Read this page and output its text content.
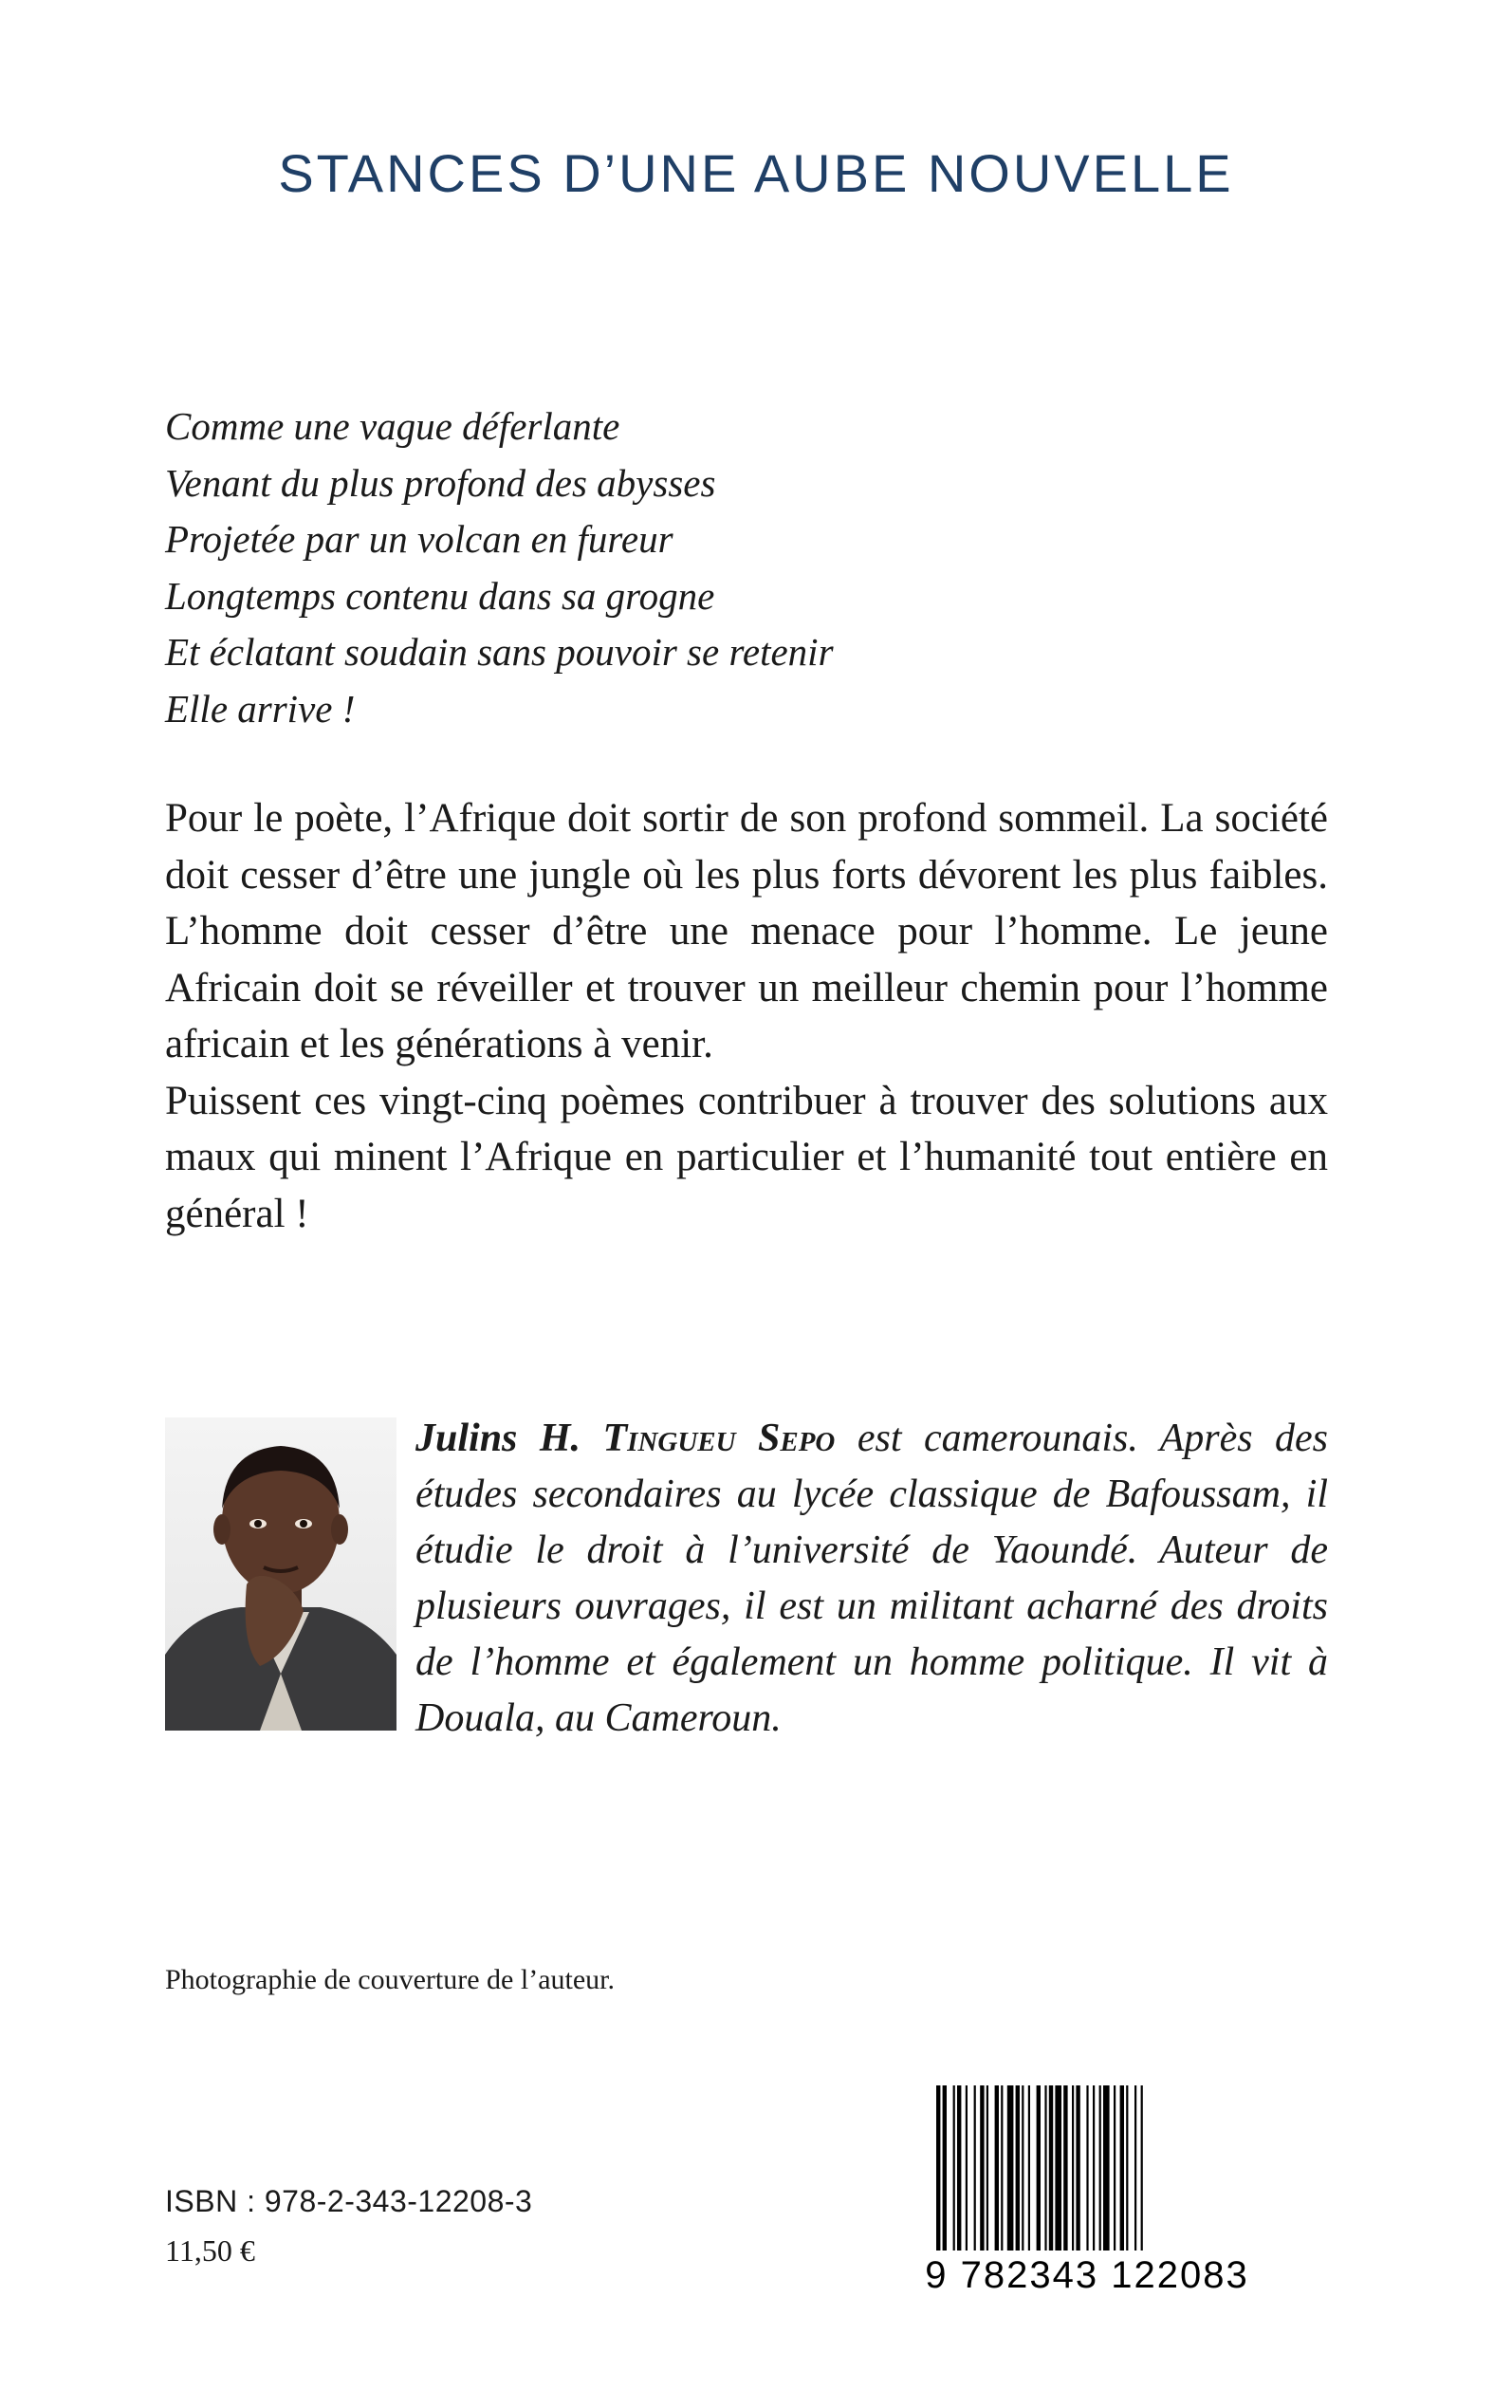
STANCES D’UNE AUBE NOUVELLE
Comme une vague déferlante
Venant du plus profond des abysses
Projetée par un volcan en fureur
Longtemps contenu dans sa grogne
Et éclatant soudain sans pouvoir se retenir
Elle arrive !
Pour le poète, l’Afrique doit sortir de son profond sommeil. La société doit cesser d’être une jungle où les plus forts dévorent les plus faibles. L’homme doit cesser d’être une menace pour l’homme. Le jeune Africain doit se réveiller et trouver un meilleur chemin pour l’homme africain et les générations à venir.
Puissent ces vingt-cinq poèmes contribuer à trouver des solutions aux maux qui minent l’Afrique en particulier et l’humanité tout entière en général !
Julins H. Tingueu Sepo est camerounais. Après des études secondaires au lycée classique de Bafoussam, il étudie le droit à l’université de Yaoundé. Auteur de plusieurs ouvrages, il est un militant acharné des droits de l’homme et également un homme politique. Il vit à Douala, au Cameroun.
Photographie de couverture de l’auteur.
ISBN : 978-2-343-12208-3
11,50 €
9 782343 122083
